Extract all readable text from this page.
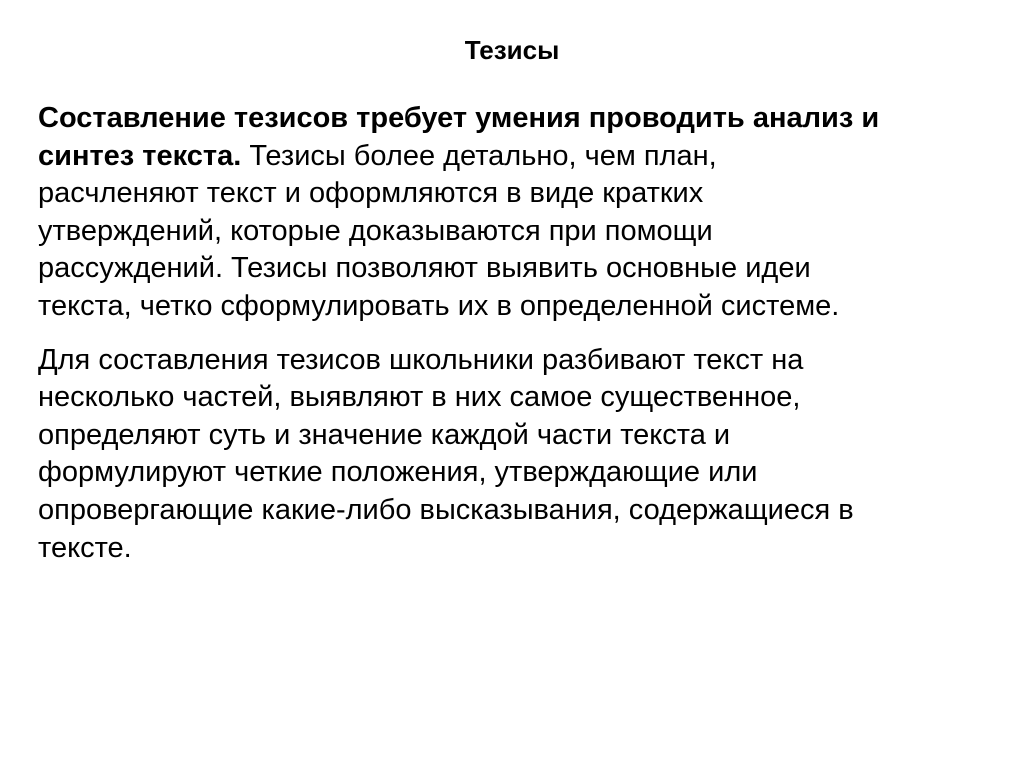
Тезисы

Составление тезисов требует умения проводить анализ и
синтез текста. Тезисы более детально, чем план,
расчленяют текст и оформляются в виде кратких
утверждений, которые доказываются при помощи
рассуждений. Тезисы позволяют выявить основные идеи
текста, четко сформулировать их в определенной системе.

Для составления тезисов школьники разбивают текст на
несколько частей, выявляют в них самое существенное,
определяют суть и значение каждой части текста и
формулируют четкие положения, утверждающие или
опровергающие какие-либо высказывания, содержащиеся в
тексте.
